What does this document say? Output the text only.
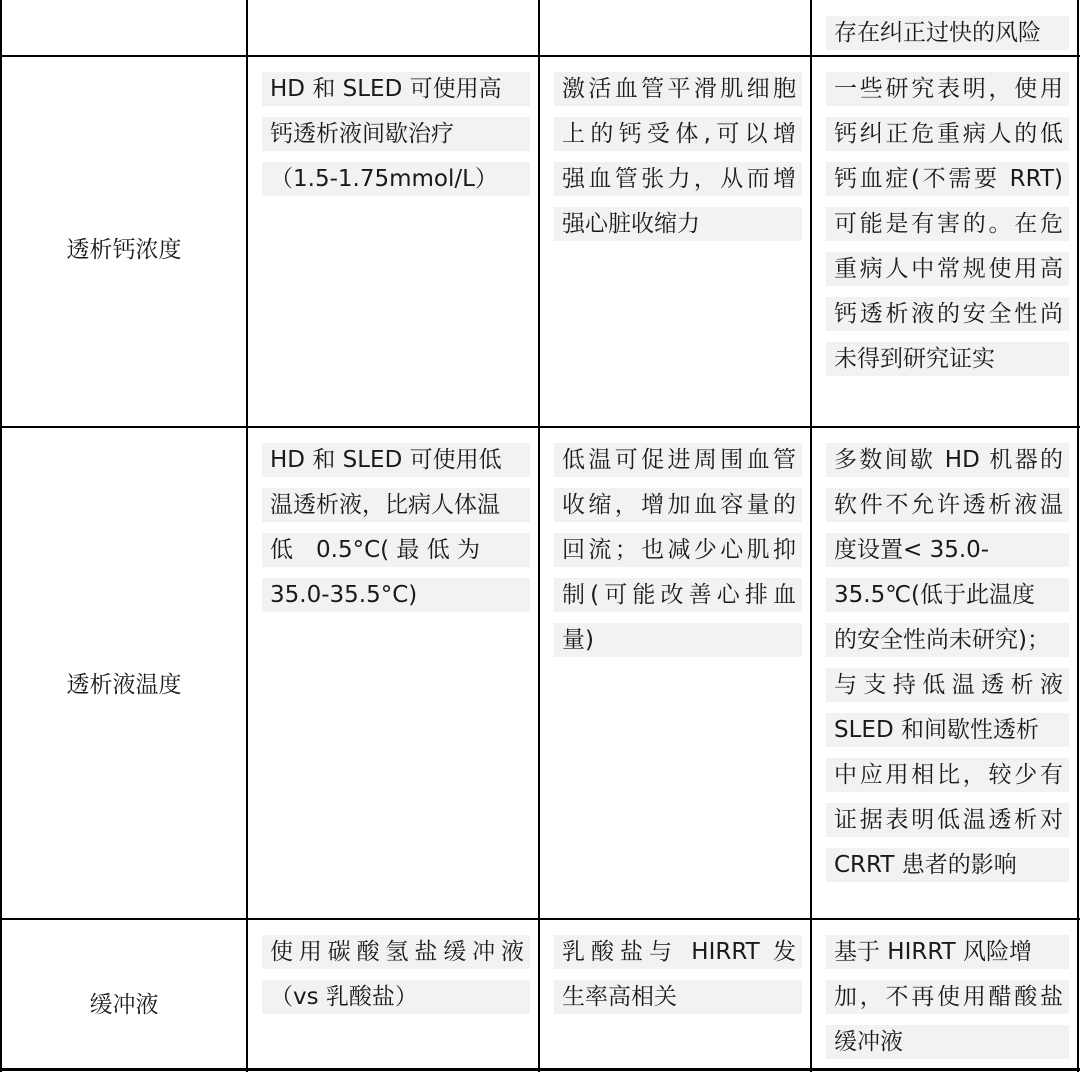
存在纠正过快的风险
透析钙浓度
HD 和 SLED 可使用高
钙透析液间歇治疗
（1.5-1.75mmol/L）
激活血管平滑肌细胞
上的钙受体,可以增
强血管张力，从而增
强心脏收缩力
一些研究表明，使用
钙纠正危重病人的低
钙血症(不需要 RRT)
可能是有害的。在危
重病人中常规使用高
钙透析液的安全性尚
未得到研究证实
透析液温度
HD 和 SLED 可使用低
温透析液，比病人体温
低　0.5°C( 最 低 为
35.0-35.5°C)
低温可促进周围血管
收缩，增加血容量的
回流；也减少心肌抑
制(可能改善心排血
量)
多数间歇 HD 机器的
软件不允许透析液温
度设置< 35.0-
35.5℃(低于此温度
的安全性尚未研究)；
与支持低温透析液
SLED 和间歇性透析
中应用相比，较少有
证据表明低温透析对
CRRT 患者的影响
缓冲液
使用碳酸氢盐缓冲液
（vs 乳酸盐）
乳酸盐与 HIRRT 发
生率高相关
基于 HIRRT 风险增
加，不再使用醋酸盐
缓冲液
